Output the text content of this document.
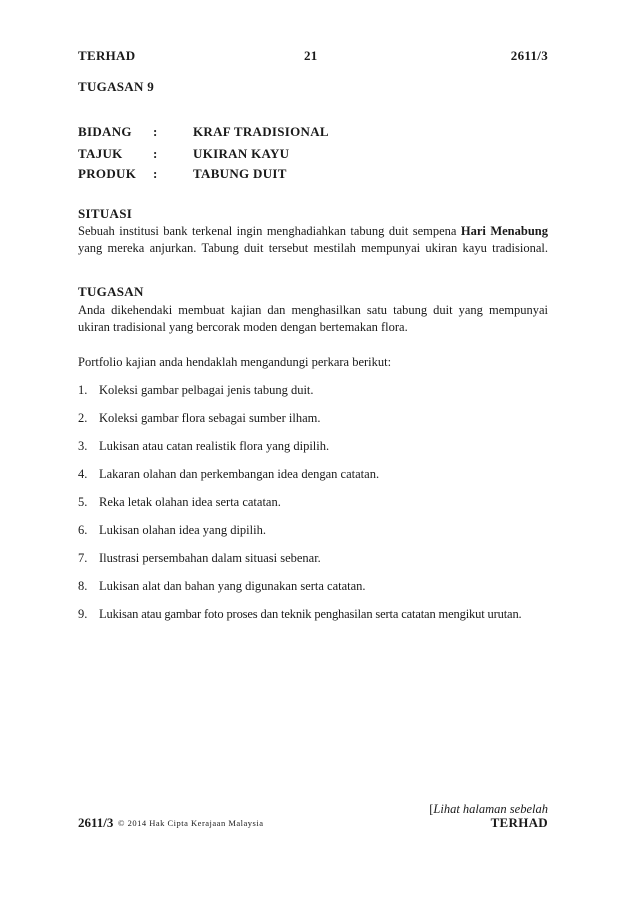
TERHAD	21	2611/3
TUGASAN 9
BIDANG :	KRAF TRADISIONAL
TAJUK :	UKIRAN KAYU
PRODUK :	TABUNG DUIT
SITUASI
Sebuah institusi bank terkenal ingin menghadiahkan tabung duit sempena Hari Menabung
yang mereka anjurkan. Tabung duit tersebut mestilah mempunyai ukiran kayu tradisional.
TUGASAN
Anda dikehendaki membuat kajian dan menghasilkan satu tabung duit yang mempunyai
ukiran tradisional yang bercorak moden dengan bertemakan flora.
Portfolio kajian anda hendaklah mengandungi perkara berikut:
1. Koleksi gambar pelbagai jenis tabung duit.
2. Koleksi gambar flora sebagai sumber ilham.
3. Lukisan atau catan realistik flora yang dipilih.
4. Lakaran olahan dan perkembangan idea dengan catatan.
5. Reka letak olahan idea serta catatan.
6. Lukisan olahan idea yang dipilih.
7. Ilustrasi persembahan dalam situasi sebenar.
8. Lukisan alat dan bahan yang digunakan serta catatan.
9. Lukisan atau gambar foto proses dan teknik penghasilan serta catatan mengikut urutan.
[Lihat halaman sebelah
2611/3 © 2014 Hak Cipta Kerajaan Malaysia	TERHAD
